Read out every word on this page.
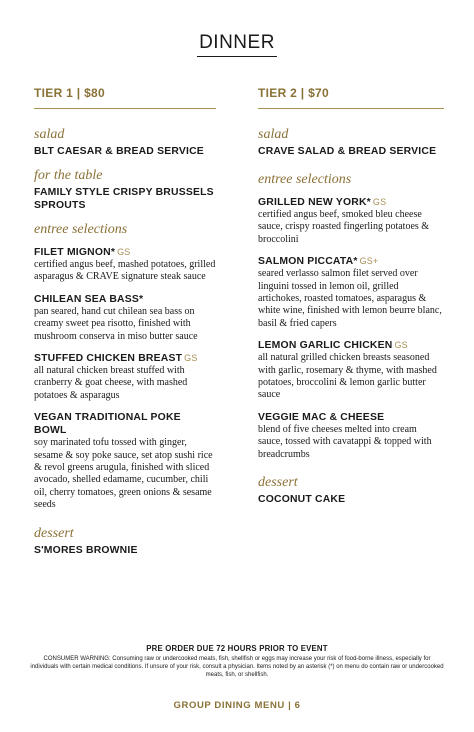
DINNER
TIER 1 | $80
salad
BLT CAESAR & BREAD SERVICE
for the table
FAMILY STYLE CRISPY BRUSSELS SPROUTS
entree selections
FILET MIGNON* GS
certified angus beef, mashed potatoes, grilled asparagus & CRAVE signature steak sauce
CHILEAN SEA BASS*
pan seared, hand cut chilean sea bass on creamy sweet pea risotto, finished with mushroom conserva in miso butter sauce
STUFFED CHICKEN BREAST GS
all natural chicken breast stuffed with cranberry & goat cheese, with mashed potatoes & asparagus
VEGAN TRADITIONAL POKE BOWL
soy marinated tofu tossed with ginger, sesame & soy poke sauce, set atop sushi rice & revol greens arugula, finished with sliced avocado, shelled edamame, cucumber, chili oil, cherry tomatoes, green onions & sesame seeds
dessert
S'MORES BROWNIE
TIER 2 | $70
salad
CRAVE SALAD & BREAD SERVICE
entree selections
GRILLED NEW YORK* GS
certified angus beef, smoked bleu cheese sauce, crispy roasted fingerling potatoes & broccolini
SALMON PICCATA* GS+
seared verlasso salmon filet served over linguini tossed in lemon oil, grilled artichokes, roasted tomatoes, asparagus & white wine, finished with lemon beurre blanc, basil & fried capers
LEMON GARLIC CHICKEN GS
all natural grilled chicken breasts seasoned with garlic, rosemary & thyme, with mashed potatoes, broccolini & lemon garlic butter sauce
VEGGIE MAC & CHEESE
blend of five cheeses melted into cream sauce, tossed with cavatappi & topped with breadcrumbs
dessert
COCONUT CAKE
PRE ORDER DUE 72 HOURS PRIOR TO EVENT
CONSUMER WARNING: Consuming raw or undercooked meats, fish, shellfish or eggs may increase your risk of food-borne illness, especially for individuals with certain medical conditions. If unsure of your risk, consult a physician. Items noted by an asterisk (*) on menu do contain raw or undercooked meats, fish, or shellfish.
GROUP DINING MENU | 6
